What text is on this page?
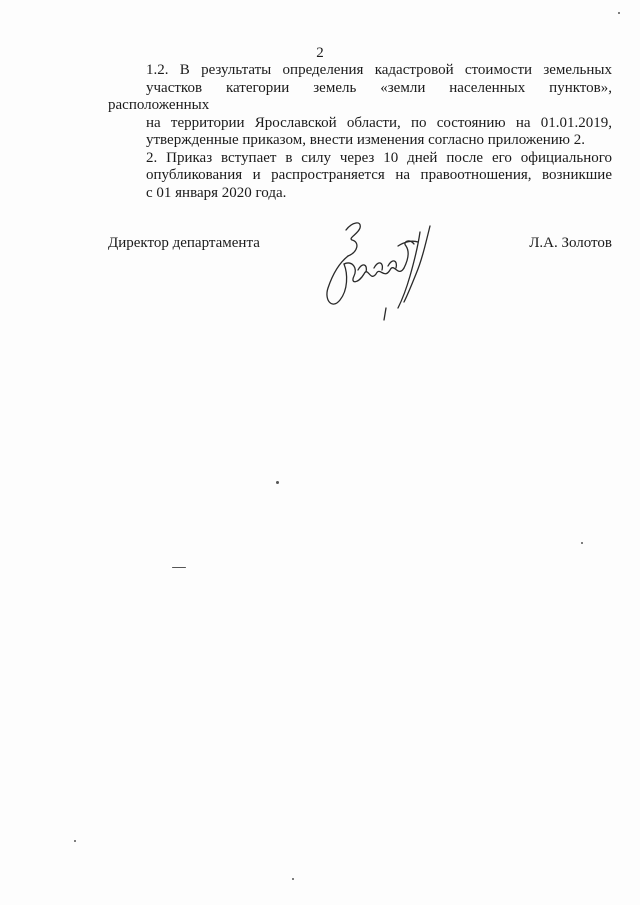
2

1.2. В результаты определения кадастровой стоимости земельных
участков категории земель «земли населенных пунктов», расположенных
на территории Ярославской области, по состоянию на 01.01.2019,
утвержденные приказом, внести изменения согласно приложению 2.

2. Приказ вступает в силу через 10 дней после его официального
опубликования и распространяется на правоотношения, возникшие
с 01 января 2020 года.

Директор департамента	Л.А. Золотов
